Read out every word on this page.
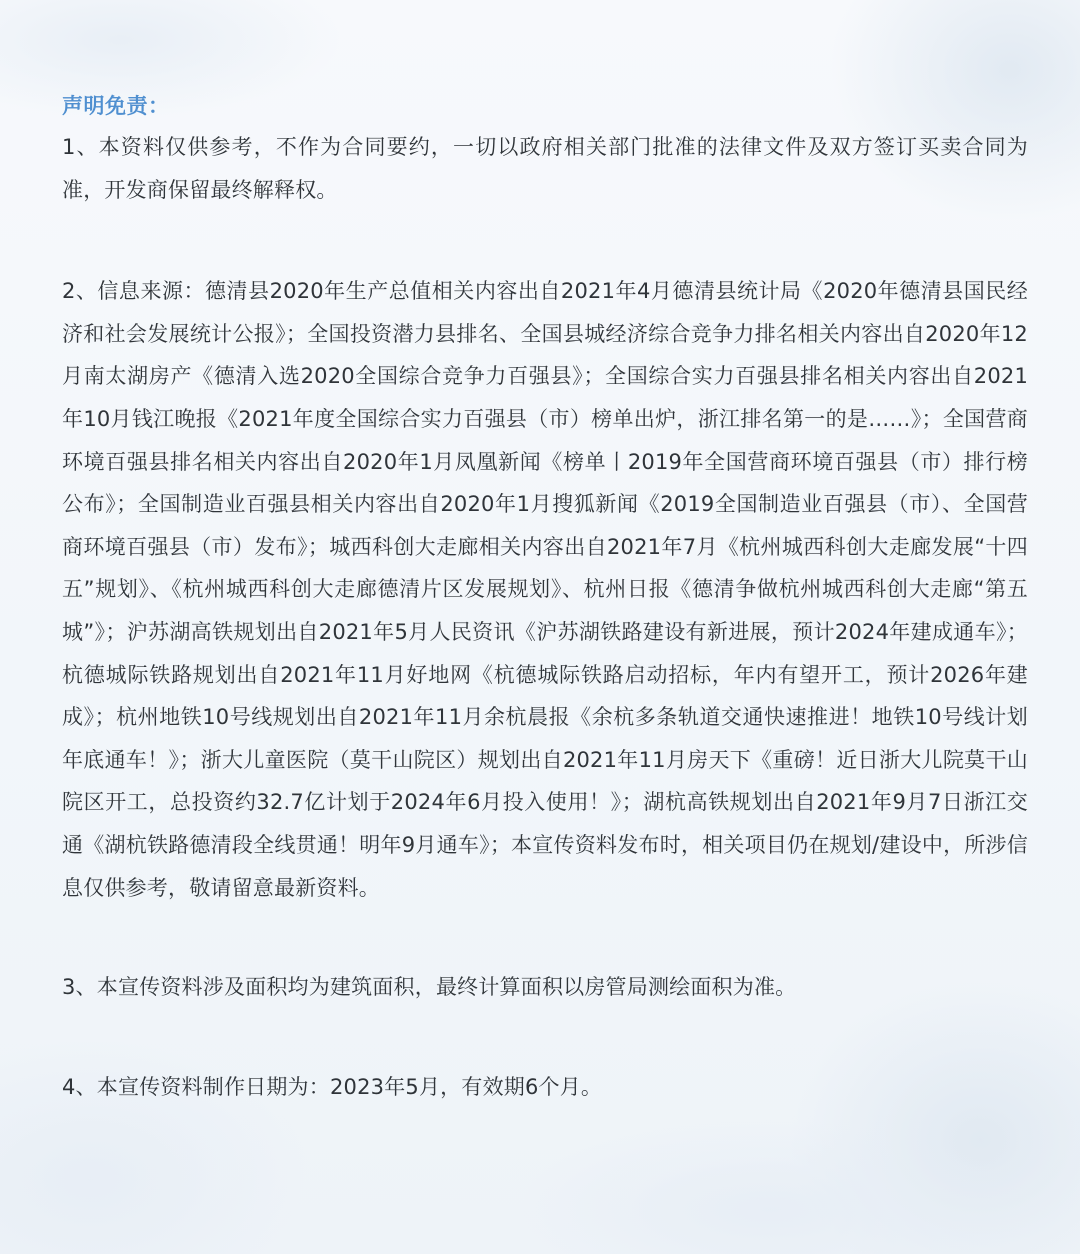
声明免责：

1、本资料仅供参考，不作为合同要约，一切以政府相关部门批准的法律文件及双方签订买卖合同为准，开发商保留最终解释权。

2、信息来源：德清县2020年生产总值相关内容出自2021年4月德清县统计局《2020年德清县国民经济和社会发展统计公报》；全国投资潜力县排名、全国县城经济综合竞争力排名相关内容出自2020年12月南太湖房产《德清入选2020全国综合竞争力百强县》；全国综合实力百强县排名相关内容出自2021年10月钱江晚报《2021年度全国综合实力百强县（市）榜单出炉，浙江排名第一的是……》；全国营商环境百强县排名相关内容出自2020年1月凤凰新闻《榜单丨2019年全国营商环境百强县（市）排行榜公布》；全国制造业百强县相关内容出自2020年1月搜狐新闻《2019全国制造业百强县（市）、全国营商环境百强县（市）发布》；城西科创大走廊相关内容出自2021年7月《杭州城西科创大走廊发展“十四五”规划》、《杭州城西科创大走廊德清片区发展规划》、杭州日报《德清争做杭州城西科创大走廊“第五城”》；沪苏湖高铁规划出自2021年5月人民资讯《沪苏湖铁路建设有新进展，预计2024年建成通车》；杭德城际铁路规划出自2021年11月好地网《杭德城际铁路启动招标，年内有望开工，预计2026年建成》；杭州地铁10号线规划出自2021年11月余杭晨报《余杭多条轨道交通快速推进！地铁10号线计划年底通车！》；浙大儿童医院（莫干山院区）规划出自2021年11月房天下《重磅！近日浙大儿院莫干山院区开工，总投资约32.7亿计划于2024年6月投入使用！》；湖杭高铁规划出自2021年9月7日浙江交通《湖杭铁路德清段全线贯通！明年9月通车》；本宣传资料发布时，相关项目仍在规划/建设中，所涉信息仅供参考，敬请留意最新资料。

3、本宣传资料涉及面积均为建筑面积，最终计算面积以房管局测绘面积为准。

4、本宣传资料制作日期为：2023年5月，有效期6个月。
